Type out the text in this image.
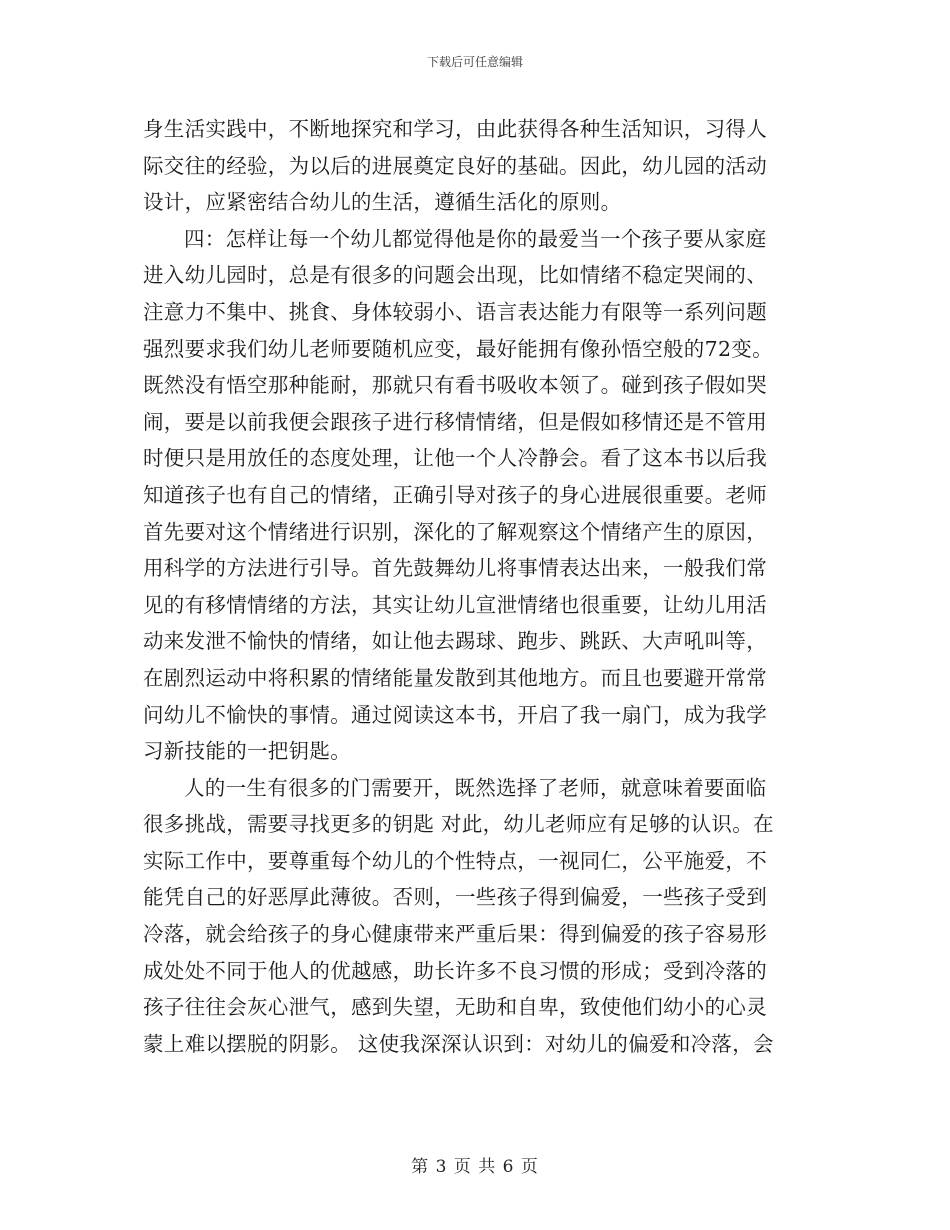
下载后可任意编辑
身生活实践中，不断地探究和学习，由此获得各种生活知识，习得人
际交往的经验，为以后的进展奠定良好的基础。因此，幼儿园的活动
设计，应紧密结合幼儿的生活，遵循生活化的原则。
四：怎样让每一个幼儿都觉得他是你的最爱当一个孩子要从家庭
进入幼儿园时，总是有很多的问题会出现，比如情绪不稳定哭闹的、
注意力不集中、挑食、身体较弱小、语言表达能力有限等一系列问题
强烈要求我们幼儿老师要随机应变，最好能拥有像孙悟空般的72变。
既然没有悟空那种能耐，那就只有看书吸收本领了。碰到孩子假如哭
闹，要是以前我便会跟孩子进行移情情绪，但是假如移情还是不管用
时便只是用放任的态度处理，让他一个人冷静会。看了这本书以后我
知道孩子也有自己的情绪，正确引导对孩子的身心进展很重要。老师
首先要对这个情绪进行识别，深化的了解观察这个情绪产生的原因，
用科学的方法进行引导。首先鼓舞幼儿将事情表达出来，一般我们常
见的有移情情绪的方法，其实让幼儿宣泄情绪也很重要，让幼儿用活
动来发泄不愉快的情绪，如让他去踢球、跑步、跳跃、大声吼叫等，
在剧烈运动中将积累的情绪能量发散到其他地方。而且也要避开常常
问幼儿不愉快的事情。通过阅读这本书，开启了我一扇门，成为我学
习新技能的一把钥匙。
人的一生有很多的门需要开，既然选择了老师，就意味着要面临
很多挑战，需要寻找更多的钥匙 对此，幼儿老师应有足够的认识。在
实际工作中，要尊重每个幼儿的个性特点，一视同仁，公平施爱，不
能凭自己的好恶厚此薄彼。否则，一些孩子得到偏爱，一些孩子受到
冷落，就会给孩子的身心健康带来严重后果：得到偏爱的孩子容易形
成处处不同于他人的优越感，助长许多不良习惯的形成；受到冷落的
孩子往往会灰心泄气，感到失望，无助和自卑，致使他们幼小的心灵
蒙上难以摆脱的阴影。 这使我深深认识到：对幼儿的偏爱和冷落，会
第 3 页 共 6 页
